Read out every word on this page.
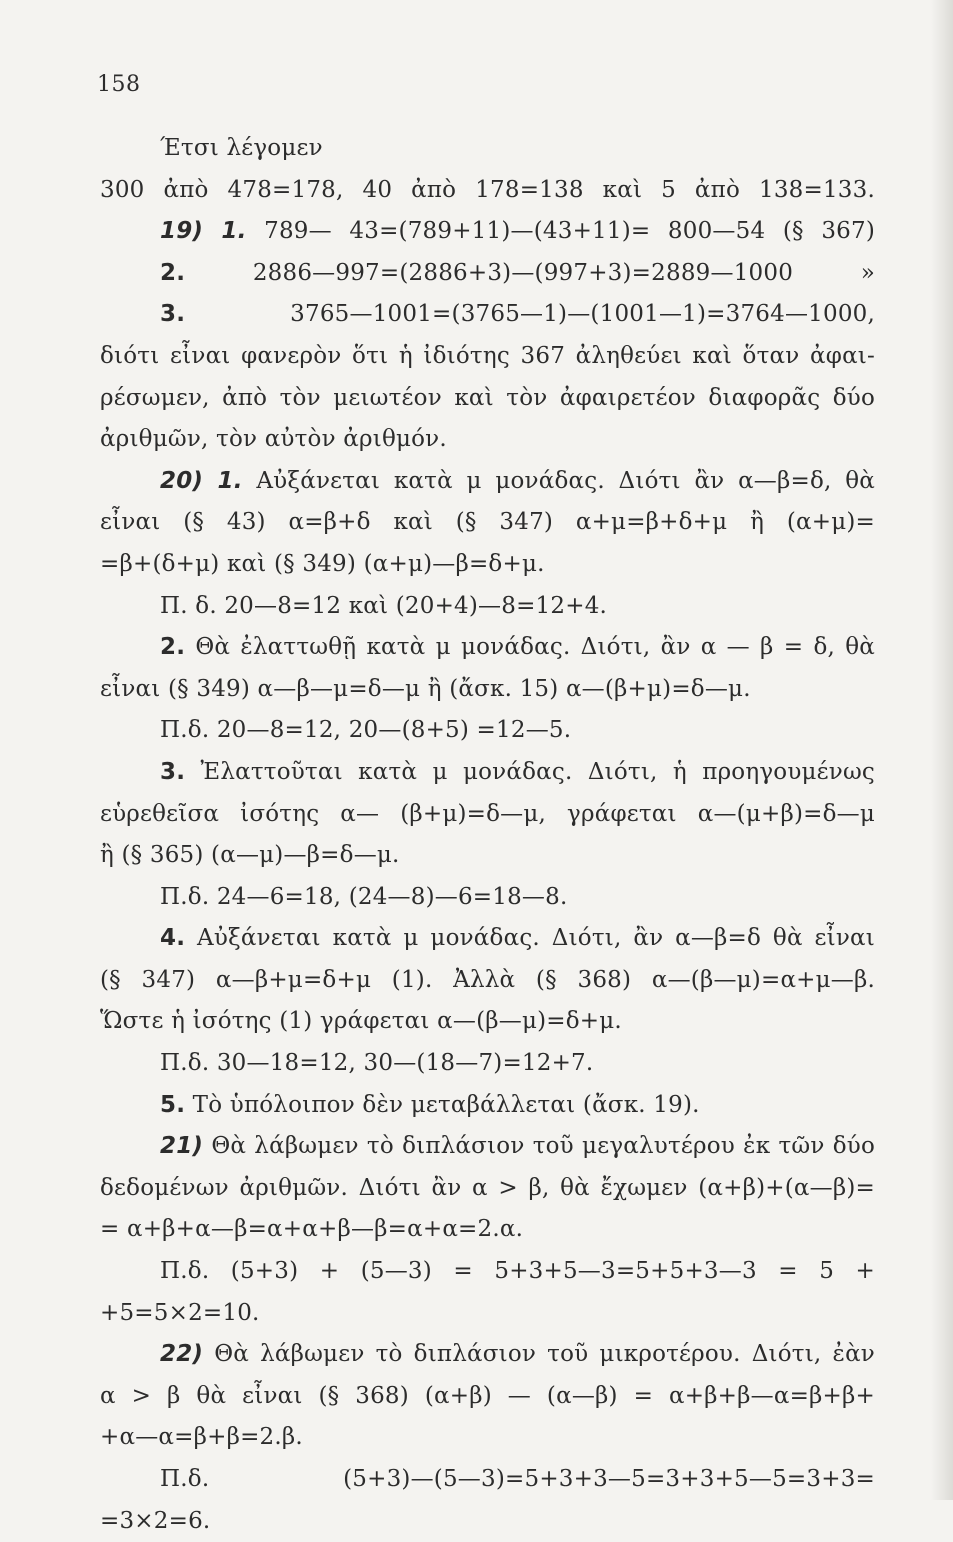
158
Έτσι λέγομεν
300 ἀπὸ 478=178, 40 ἀπὸ 178=138 καὶ 5 ἀπὸ 138=133.
19) 1. 789— 43=(789+11)—(43+11)= 800—54 (§ 367)
2. 2886—997=(2886+3)—(997+3)=2889—1000 »
3. 3765—1001=(3765—1)—(1001—1)=3764—1000,
διότι εἶναι φανερὸν ὅτι ἡ ἰδιότης 367 ἀληθεύει καὶ ὅταν ἀφαι-
ρέσωμεν, ἀπὸ τὸν μειωτέον καὶ τὸν ἀφαιρετέον διαφορᾶς δύο
ἀριθμῶν, τὸν αὐτὸν ἀριθμόν.
20) 1. Αὐξάνεται κατὰ μ μονάδας. Διότι ἂν α—β=δ, θὰ
εἶναι (§ 43) α=β+δ καὶ (§ 347) α+μ=β+δ+μ ἢ (α+μ)=
=β+(δ+μ) καὶ (§ 349) (α+μ)—β=δ+μ.
Π. δ. 20—8=12 καὶ (20+4)—8=12+4.
2. Θὰ ἐλαττωθῇ κατὰ μ μονάδας. Διότι, ἂν α — β = δ, θὰ
εἶναι (§ 349) α—β—μ=δ—μ ἢ (ἄσκ. 15) α—(β+μ)=δ—μ.
Π.δ. 20—8=12, 20—(8+5) =12—5.
3. Ἐλαττοῦται κατὰ μ μονάδας. Διότι, ἡ προηγουμένως
εὑρεθεῖσα ἰσότης α— (β+μ)=δ—μ, γράφεται α—(μ+β)=δ—μ
ἢ (§ 365) (α—μ)—β=δ—μ.
Π.δ. 24—6=18, (24—8)—6=18—8.
4. Αὐξάνεται κατὰ μ μονάδας. Διότι, ἂν α—β=δ θὰ εἶναι
(§ 347) α—β+μ=δ+μ (1). Ἀλλὰ (§ 368) α—(β—μ)=α+μ—β.
Ὥστε ἡ ἰσότης (1) γράφεται α—(β—μ)=δ+μ.
Π.δ. 30—18=12, 30—(18—7)=12+7.
5. Τὸ ὑπόλοιπον δὲν μεταβάλλεται (ἄσκ. 19).
21) Θὰ λάβωμεν τὸ διπλάσιον τοῦ μεγαλυτέρου ἐκ τῶν δύο
δεδομένων ἀριθμῶν. Διότι ἂν α > β, θὰ ἔχωμεν (α+β)+(α—β)=
= α+β+α—β=α+α+β—β=α+α=2.α.
Π.δ. (5+3) + (5—3) = 5+3+5—3=5+5+3—3 = 5 +
+5=5×2=10.
22) Θὰ λάβωμεν τὸ διπλάσιον τοῦ μικροτέρου. Διότι, ἐὰν
α > β θὰ εἶναι (§ 368) (α+β) — (α—β) = α+β+β—α=β+β+
+α—α=β+β=2.β.
Π.δ. (5+3)—(5—3)=5+3+3—5=3+3+5—5=3+3=
=3×2=6.
